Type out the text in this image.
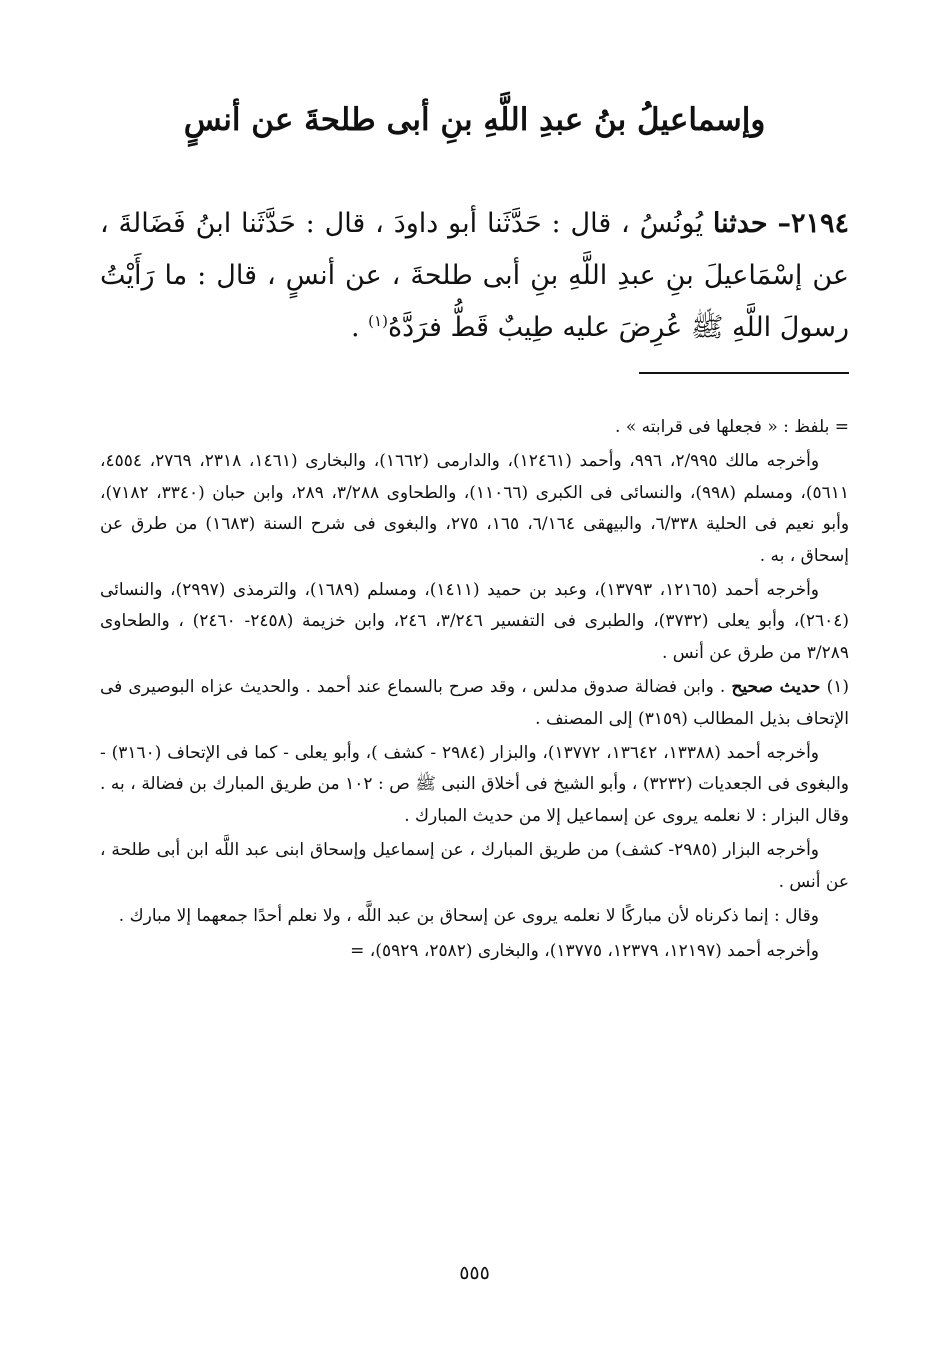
وإسماعيلُ بنُ عبدِ اللَّهِ بنِ أبى طلحةَ عن أنسٍ

٢١٩٤– حدثنا يُونُسُ ، قال : حَدَّثَنا أبو داودَ ، قال : حَدَّثَنا ابنُ فَضَالةَ ، عن إسْمَاعيلَ بنِ عبدِ اللَّهِ بنِ أبى طلحةَ ، عن أنسٍ ، قال : ما رَأَيْتُ رسولَ اللَّهِ ﷺ عُرِضَ عليه طِيبٌ قَطُّ فرَدَّهُ$^{(١)}$ .

= بلفظ : « فجعلها فى قرابته » .

وأخرجه مالك ٢/٩٩٥، ٩٩٦، وأحمد (١٢٤٦١)، والدارمى (١٦٦٢)، والبخارى (١٤٦١، ٢٣١٨، ٢٧٦٩، ٤٥٥٤، ٥٦١١)، ومسلم (٩٩٨)، والنسائى فى الكبرى (١١٠٦٦)، والطحاوى ٣/٢٨٨، ٢٨٩، وابن حبان (٣٣٤٠، ٧١٨٢)، وأبو نعيم فى الحلية ٦/٣٣٨، والبيهقى ٦/١٦٤، ١٦٥، ٢٧٥، والبغوى فى شرح السنة (١٦٨٣) من طرق عن إسحاق ، به .

وأخرجه أحمد (١٢١٦٥، ١٣٧٩٣)، وعبد بن حميد (١٤١١)، ومسلم (١٦٨٩)، والترمذى (٢٩٩٧)، والنسائى (٢٦٠٤)، وأبو يعلى (٣٧٣٢)، والطبرى فى التفسير ٣/٢٤٦، ٢٤٦، وابن خزيمة (٢٤٥٨- ٢٤٦٠) ، والطحاوى ٣/٢٨٩ من طرق عن أنس .

(١) حديث صحيح . وابن فضالة صدوق مدلس ، وقد صرح بالسماع عند أحمد . والحديث عزاه البوصيرى فى الإتحاف بذيل المطالب (٣١٥٩) إلى المصنف .

وأخرجه أحمد (١٣٣٨٨، ١٣٦٤٢، ١٣٧٧٢)، والبزار (٢٩٨٤ - كشف )، وأبو يعلى - كما فى الإتحاف (٣١٦٠) - والبغوى فى الجعديات (٣٢٣٢) ، وأبو الشيخ فى أخلاق النبى ﷺ ص : ١٠٢ من طريق المبارك بن فضالة ، به . وقال البزار : لا نعلمه يروى عن إسماعيل إلا من حديث المبارك .

وأخرجه البزار (٢٩٨٥- كشف) من طريق المبارك ، عن إسماعيل وإسحاق ابنى عبد اللَّه ابن أبى طلحة ، عن أنس .

وقال : إنما ذكرناه لأن مباركًا لا نعلمه يروى عن إسحاق بن عبد اللَّه ، ولا نعلم أحدًا جمعهما إلا مبارك .

وأخرجه أحمد (١٢١٩٧، ١٢٣٧٩، ١٣٧٧٥)، والبخارى (٢٥٨٢، ٥٩٢٩)، =

٥٥٥
